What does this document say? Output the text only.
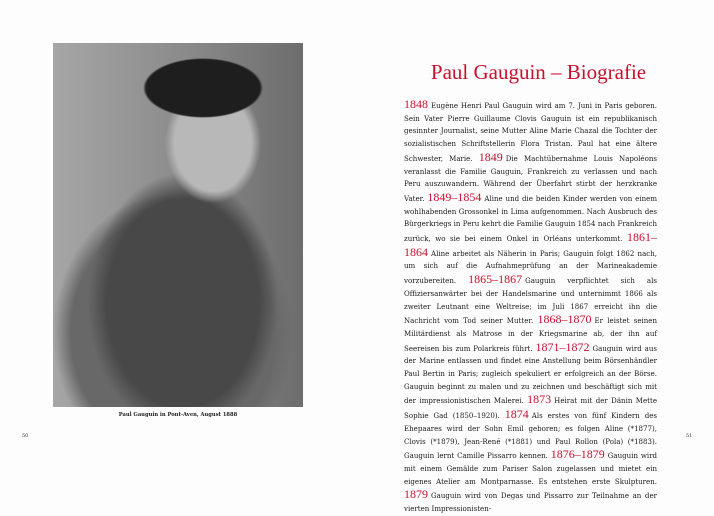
Paul Gauguin in Pont-Aven, August 1888
50
Paul Gauguin – Biografie
1848 Eugène Henri Paul Gauguin wird am 7. Juni in Paris geboren. Sein Vater Pierre Guillaume Clovis Gauguin ist ein republikanisch gesinnter Journalist, seine Mutter Aline Marie Chazal die Tochter der sozialistischen Schriftstellerin Flora Tristan. Paul hat eine ältere Schwester, Marie. 1849 Die Machtübernahme Louis Napoléons veranlasst die Familie Gauguin, Frankreich zu verlassen und nach Peru auszuwandern. Während der Überfahrt stirbt der herzkranke Vater. 1849–1854 Aline und die beiden Kinder werden von einem wohlhabenden Grossonkel in Lima aufgenommen. Nach Ausbruch des Bürgerkriegs in Peru kehrt die Familie Gauguin 1854 nach Frankreich zurück, wo sie bei einem Onkel in Orléans unterkommt. 1861–1864 Aline arbeitet als Näherin in Paris; Gauguin folgt 1862 nach, um sich auf die Aufnahmeprüfung an der Marineakademie vorzubereiten. 1865–1867 Gauguin verpflichtet sich als Offiziersanwärter bei der Handelsmarine und unternimmt 1866 als zweiter Leutnant eine Weltreise; im Juli 1867 erreicht ihn die Nachricht vom Tod seiner Mutter. 1868–1870 Er leistet seinen Militärdienst als Matrose in der Kriegsmarine ab, der ihn auf Seereisen bis zum Polarkreis führt. 1871–1872 Gauguin wird aus der Marine entlassen und findet eine Anstellung beim Börsenhändler Paul Bertin in Paris; zugleich spekuliert er erfolgreich an der Börse. Gauguin beginnt zu malen und zu zeichnen und beschäftigt sich mit der impressionistischen Malerei. 1873 Heirat mit der Dänin Mette Sophie Gad (1850–1920). 1874 Als erstes von fünf Kindern des Ehepaares wird der Sohn Emil geboren; es folgen Aline (*1877), Clovis (*1879), Jean-René (*1881) und Paul Rollon (Pola) (*1883). Gauguin lernt Camille Pissarro kennen. 1876–1879 Gauguin wird mit einem Gemälde zum Pariser Salon zugelassen und mietet ein eigenes Atelier am Montparnasse. Es entstehen erste Skulpturen. 1879 Gauguin wird von Degas und Pissarro zur Teilnahme an der vierten Impressionisten-
51
